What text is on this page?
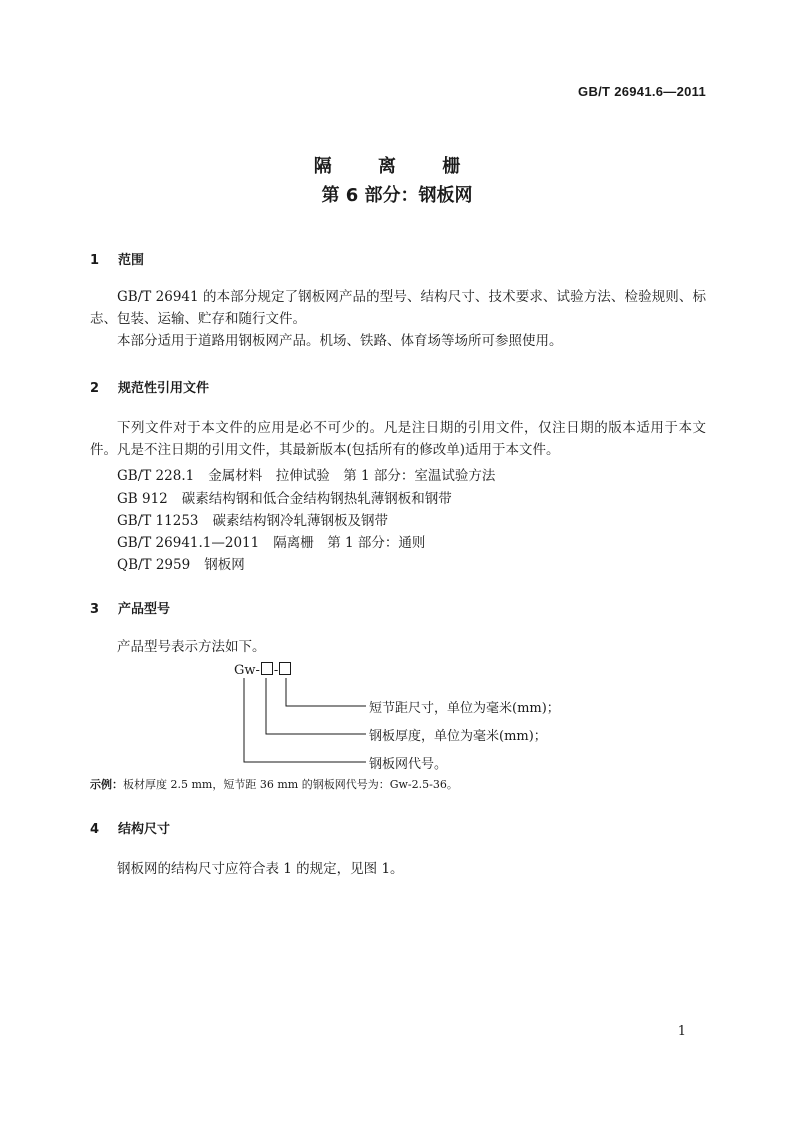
GB/T 26941.6—2011
隔 离 栅
第 6 部分：钢板网
1 范围
GB/T 26941 的本部分规定了钢板网产品的型号、结构尺寸、技术要求、试验方法、检验规则、标志、包装、运输、贮存和随行文件。
本部分适用于道路用钢板网产品。机场、铁路、体育场等场所可参照使用。
2 规范性引用文件
下列文件对于本文件的应用是必不可少的。凡是注日期的引用文件，仅注日期的版本适用于本文件。凡是不注日期的引用文件，其最新版本(包括所有的修改单)适用于本文件。
GB/T 228.1 金属材料　拉伸试验　第 1 部分：室温试验方法
GB 912 碳素结构钢和低合金结构钢热轧薄钢板和钢带
GB/T 11253 碳素结构钢冷轧薄钢板及钢带
GB/T 26941.1—2011 隔离栅　第 1 部分：通则
QB/T 2959 钢板网
3 产品型号
产品型号表示方法如下。
Gw- -
短节距尺寸，单位为毫米(mm)；
钢板厚度，单位为毫米(mm)；
钢板网代号。
示例：板材厚度 2.5 mm，短节距 36 mm 的钢板网代号为：Gw-2.5-36。
4 结构尺寸
钢板网的结构尺寸应符合表 1 的规定，见图 1。
1
